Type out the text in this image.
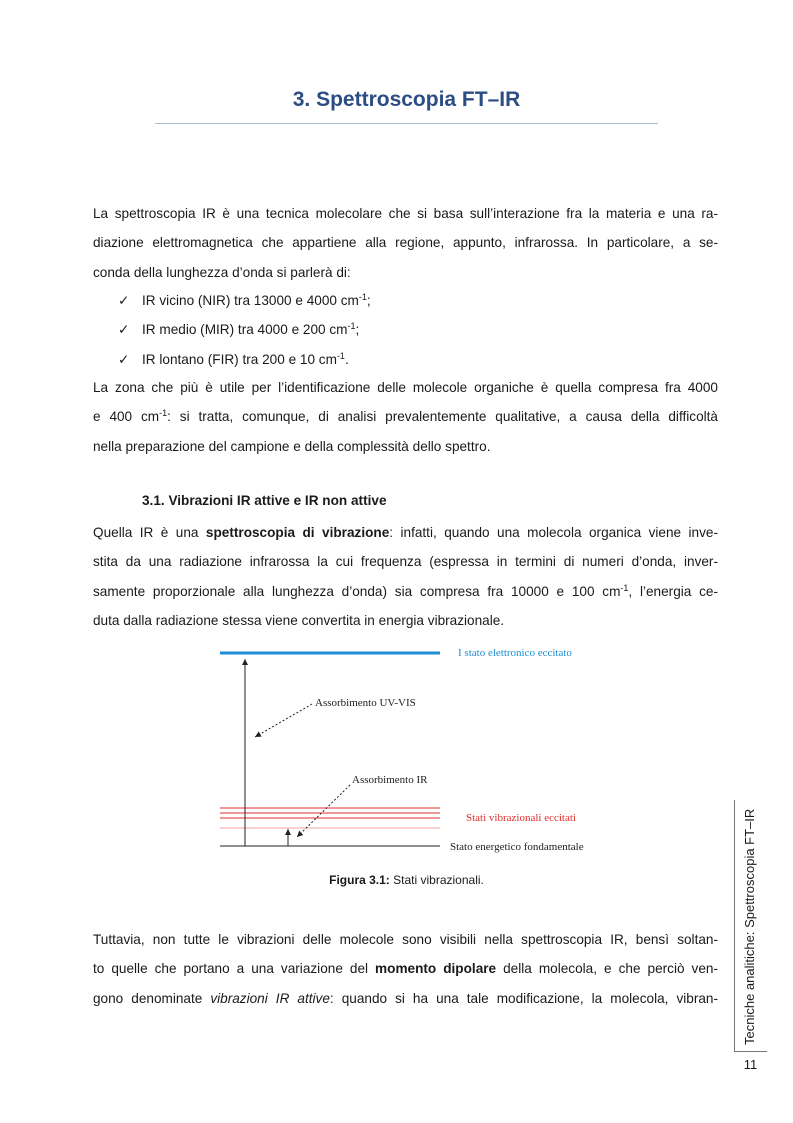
3. Spettroscopia FT–IR

La spettroscopia IR è una tecnica molecolare che si basa sull’interazione fra la materia e una ra-
diazione elettromagnetica che appartiene alla regione, appunto, infrarossa. In particolare, a se-
conda della lunghezza d’onda si parlerà di:

✓ IR vicino (NIR) tra 13000 e 4000 $cm^{-1}$;
✓ IR medio (MIR) tra 4000 e 200 $cm^{-1}$;
✓ IR lontano (FIR) tra 200 e 10 $cm^{-1}$.

La zona che più è utile per l’identificazione delle molecole organiche è quella compresa fra 4000
e 400 $cm^{-1}$: si tratta, comunque, di analisi prevalentemente qualitative, a causa della difficoltà
nella preparazione del campione e della complessità dello spettro.

3.1. Vibrazioni IR attive e IR non attive

Quella IR è una spettroscopia di vibrazione: infatti, quando una molecola organica viene inve-
stita da una radiazione infrarossa la cui frequenza (espressa in termini di numeri d’onda, inver-
samente proporzionale alla lunghezza d’onda) sia compresa fra 10000 e 100 $cm^{-1}$, l’energia ce-
duta dalla radiazione stessa viene convertita in energia vibrazionale.

I stato elettronico eccitato
Assorbimento UV-VIS
Assorbimento IR
Stati vibrazionali eccitati
Stato energetico fondamentale

Figura 3.1: Stati vibrazionali.

Tuttavia, non tutte le vibrazioni delle molecole sono visibili nella spettroscopia IR, bensì soltan-
to quelle che portano a una variazione del momento dipolare della molecola, e che perciò ven-
gono denominate vibrazioni IR attive: quando si ha una tale modificazione, la molecola, vibran- Tecniche analitiche: Spettroscopia FT–IR
11
